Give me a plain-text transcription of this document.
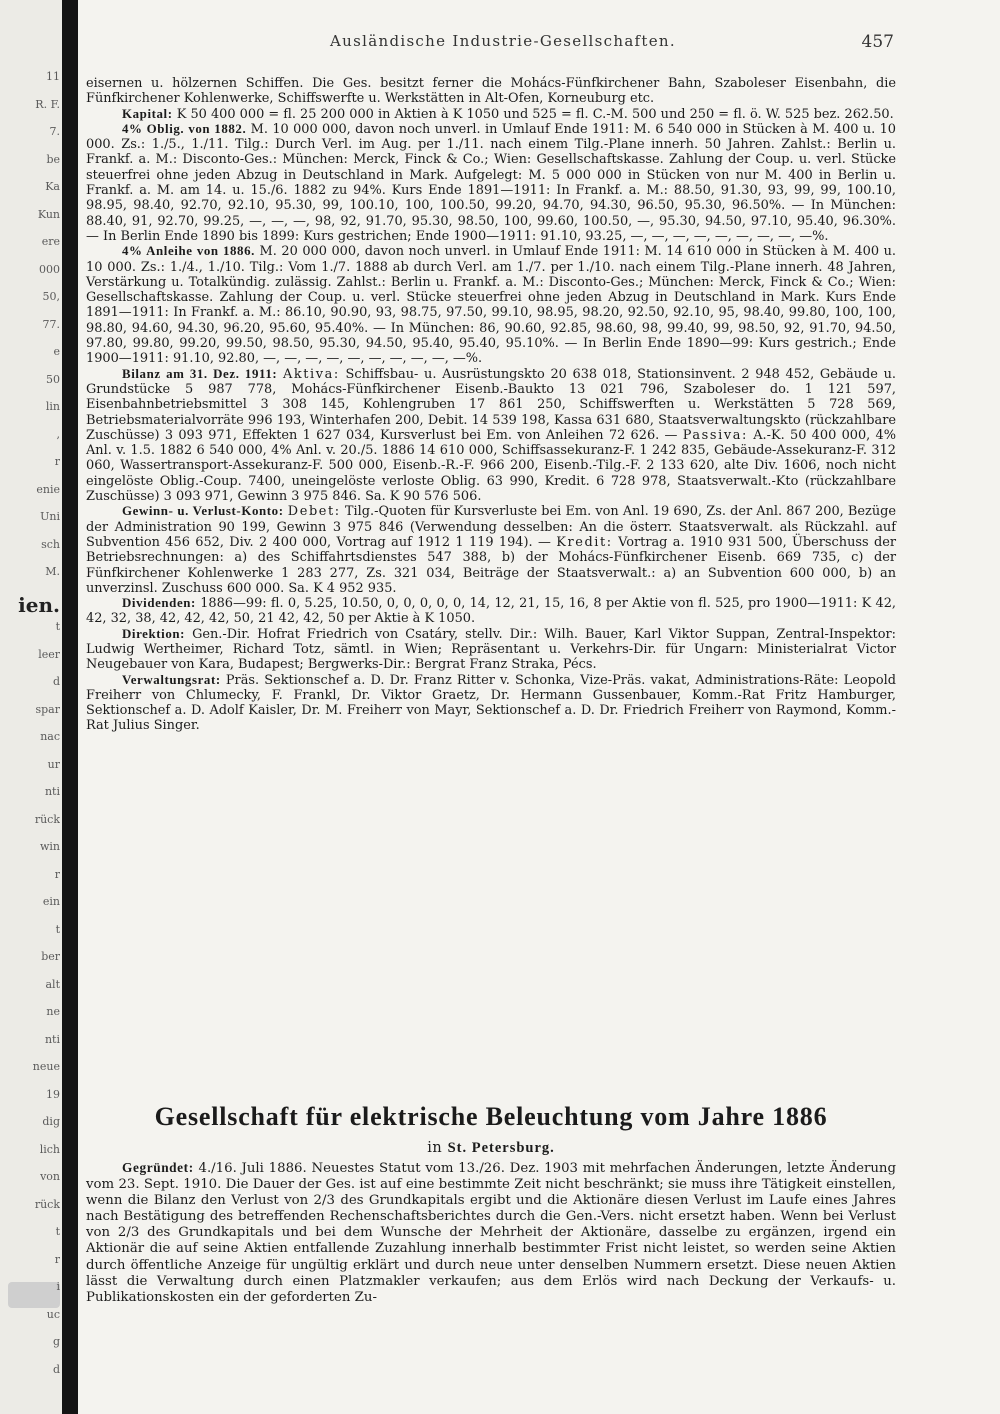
11
R. F.
7.
be
Ka
Kun
ere
000
50,
77.
e
50
lin
,
r
enie
Uni
sch
M.
ien.
t
leer
d
spar
nac
ur
nti
rück
win
r
ein
t
ber
alt
ne
nti
neue
19
dig
lich
von
rück
t
r
i
uc
g
d
Ausländische Industrie-Gesellschaften.	457

eisernen u. hölzernen Schiffen. Die Ges. besitzt ferner die Mohács-Fünfkirchener Bahn, Szaboleser Eisenbahn, die Fünfkirchener Kohlenwerke, Schiffswerfte u. Werkstätten in Alt-Ofen, Korneuburg etc.

Kapital: K 50 400 000 = fl. 25 200 000 in Aktien à K 1050 und 525 = fl. C.-M. 500 und 250 = fl. ö. W. 525 bez. 262.50.

4% Oblig. von 1882. M. 10 000 000, davon noch unverl. in Umlauf Ende 1911: M. 6 540 000 in Stücken à M. 400 u. 10 000. Zs.: 1./5., 1./11. Tilg.: Durch Verl. im Aug. per 1./11. nach einem Tilg.-Plane innerh. 50 Jahren. Zahlst.: Berlin u. Frankf. a. M.: Disconto-Ges.: München: Merck, Finck & Co.; Wien: Gesellschaftskasse. Zahlung der Coup. u. verl. Stücke steuerfrei ohne jeden Abzug in Deutschland in Mark. Aufgelegt: M. 5 000 000 in Stücken von nur M. 400 in Berlin u. Frankf. a. M. am 14. u. 15./6. 1882 zu 94%. Kurs Ende 1891—1911: In Frankf. a. M.: 88.50, 91.30, 93, 99, 99, 100.10, 98.95, 98.40, 92.70, 92.10, 95.30, 99, 100.10, 100, 100.50, 99.20, 94.70, 94.30, 96.50, 95.30, 96.50%. — In München: 88.40, 91, 92.70, 99.25, —, —, —, 98, 92, 91.70, 95.30, 98.50, 100, 99.60, 100.50, —, 95.30, 94.50, 97.10, 95.40, 96.30%. — In Berlin Ende 1890 bis 1899: Kurs gestrichen; Ende 1900—1911: 91.10, 93.25, —, —, —, —, —, —, —, —, —%.

4% Anleihe von 1886. M. 20 000 000, davon noch unverl. in Umlauf Ende 1911: M. 14 610 000 in Stücken à M. 400 u. 10 000. Zs.: 1./4., 1./10. Tilg.: Vom 1./7. 1888 ab durch Verl. am 1./7. per 1./10. nach einem Tilg.-Plane innerh. 48 Jahren, Verstärkung u. Totalkündig. zulässig. Zahlst.: Berlin u. Frankf. a. M.: Disconto-Ges.; München: Merck, Finck & Co.; Wien: Gesellschaftskasse. Zahlung der Coup. u. verl. Stücke steuerfrei ohne jeden Abzug in Deutschland in Mark. Kurs Ende 1891—1911: In Frankf. a. M.: 86.10, 90.90, 93, 98.75, 97.50, 99.10, 98.95, 98.20, 92.50, 92.10, 95, 98.40, 99.80, 100, 100, 98.80, 94.60, 94.30, 96.20, 95.60, 95.40%. — In München: 86, 90.60, 92.85, 98.60, 98, 99.40, 99, 98.50, 92, 91.70, 94.50, 97.80, 99.80, 99.20, 99.50, 98.50, 95.30, 94.50, 95.40, 95.40, 95.10%. — In Berlin Ende 1890—99: Kurs gestrich.; Ende 1900—1911: 91.10, 92.80, —, —, —, —, —, —, —, —, —, —%.

Bilanz am 31. Dez. 1911: Aktiva: Schiffsbau- u. Ausrüstungskto 20 638 018, Stationsinvent. 2 948 452, Gebäude u. Grundstücke 5 987 778, Mohács-Fünfkirchener Eisenb.-Baukto 13 021 796, Szaboleser do. 1 121 597, Eisenbahnbetriebsmittel 3 308 145, Kohlengruben 17 861 250, Schiffswerften u. Werkstätten 5 728 569, Betriebsmaterialvorräte 996 193, Winterhafen 200, Debit. 14 539 198, Kassa 631 680, Staatsverwaltungskto (rückzahlbare Zuschüsse) 3 093 971, Effekten 1 627 034, Kursverlust bei Em. von Anleihen 72 626. — Passiva: A.-K. 50 400 000, 4% Anl. v. 1.5. 1882 6 540 000, 4% Anl. v. 20./5. 1886 14 610 000, Schiffsassekuranz-F. 1 242 835, Gebäude-Assekuranz-F. 312 060, Wassertransport-Assekuranz-F. 500 000, Eisenb.-R.-F. 966 200, Eisenb.-Tilg.-F. 2 133 620, alte Div. 1606, noch nicht eingelöste Oblig.-Coup. 7400, uneingelöste verloste Oblig. 63 990, Kredit. 6 728 978, Staatsverwalt.-Kto (rückzahlbare Zuschüsse) 3 093 971, Gewinn 3 975 846. Sa. K 90 576 506.

Gewinn- u. Verlust-Konto: Debet: Tilg.-Quoten für Kursverluste bei Em. von Anl. 19 690, Zs. der Anl. 867 200, Bezüge der Administration 90 199, Gewinn 3 975 846 (Verwendung desselben: An die österr. Staatsverwalt. als Rückzahl. auf Subvention 456 652, Div. 2 400 000, Vortrag auf 1912 1 119 194). — Kredit: Vortrag a. 1910 931 500, Überschuss der Betriebsrechnungen: a) des Schiffahrtsdienstes 547 388, b) der Mohács-Fünfkirchener Eisenb. 669 735, c) der Fünfkirchener Kohlenwerke 1 283 277, Zs. 321 034, Beiträge der Staatsverwalt.: a) an Subvention 600 000, b) an unverzinsl. Zuschuss 600 000. Sa. K 4 952 935.

Dividenden: 1886—99: fl. 0, 5.25, 10.50, 0, 0, 0, 0, 0, 14, 12, 21, 15, 16, 8 per Aktie von fl. 525, pro 1900—1911: K 42, 42, 32, 38, 42, 42, 42, 50, 21 42, 42, 50 per Aktie à K 1050.

Direktion: Gen.-Dir. Hofrat Friedrich von Csatáry, stellv. Dir.: Wilh. Bauer, Karl Viktor Suppan, Zentral-Inspektor: Ludwig Wertheimer, Richard Totz, sämtl. in Wien; Repräsentant u. Verkehrs-Dir. für Ungarn: Ministerialrat Victor Neugebauer von Kara, Budapest; Bergwerks-Dir.: Bergrat Franz Straka, Pécs.

Verwaltungsrat: Präs. Sektionschef a. D. Dr. Franz Ritter v. Schonka, Vize-Präs. vakat, Administrations-Räte: Leopold Freiherr von Chlumecky, F. Frankl, Dr. Viktor Graetz, Dr. Hermann Gussenbauer, Komm.-Rat Fritz Hamburger, Sektionschef a. D. Adolf Kaisler, Dr. M. Freiherr von Mayr, Sektionschef a. D. Dr. Friedrich Freiherr von Raymond, Komm.-Rat Julius Singer.

Gesellschaft für elektrische Beleuchtung vom Jahre 1886
in St. Petersburg.

Gegründet: 4./16. Juli 1886. Neuestes Statut vom 13./26. Dez. 1903 mit mehrfachen Änderungen, letzte Änderung vom 23. Sept. 1910. Die Dauer der Ges. ist auf eine bestimmte Zeit nicht beschränkt; sie muss ihre Tätigkeit einstellen, wenn die Bilanz den Verlust von 2/3 des Grundkapitals ergibt und die Aktionäre diesen Verlust im Laufe eines Jahres nach Bestätigung des betreffenden Rechenschaftsberichtes durch die Gen.-Vers. nicht ersetzt haben. Wenn bei Verlust von 2/3 des Grundkapitals und bei dem Wunsche der Mehrheit der Aktionäre, dasselbe zu ergänzen, irgend ein Aktionär die auf seine Aktien entfallende Zuzahlung innerhalb bestimmter Frist nicht leistet, so werden seine Aktien durch öffentliche Anzeige für ungültig erklärt und durch neue unter denselben Nummern ersetzt. Diese neuen Aktien lässt die Verwaltung durch einen Platzmakler verkaufen; aus dem Erlös wird nach Deckung der Verkaufs- u. Publikationskosten ein der geforderten Zu-
